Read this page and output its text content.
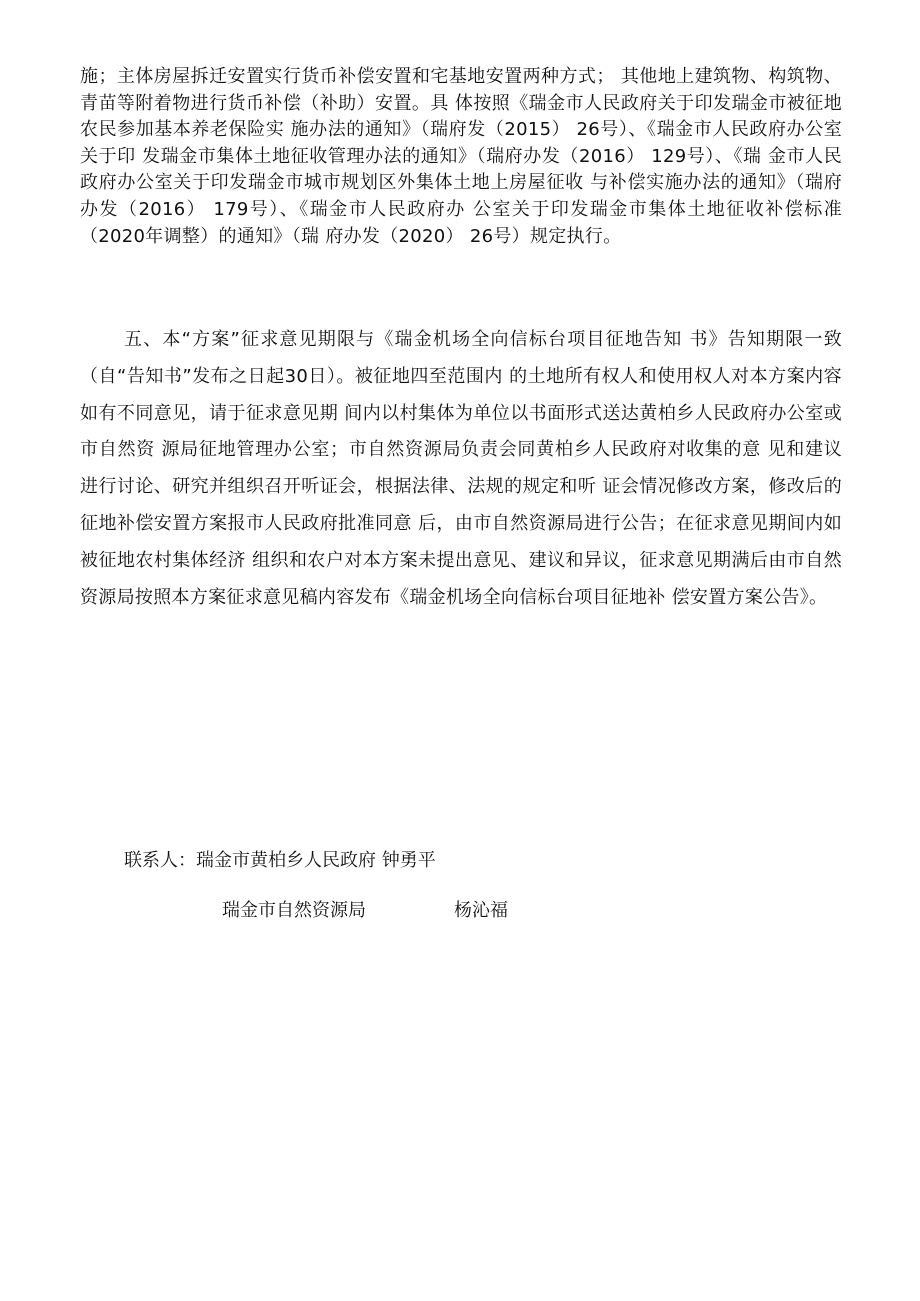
施；主体房屋拆迁安置实行货币补偿安置和宅基地安置两种方式； 其他地上建筑物、构筑物、青苗等附着物进行货币补偿（补助）安置。具 体按照《瑞金市人民政府关于印发瑞金市被征地农民参加基本养老保险实 施办法的通知》（瑞府发（2015） 26号）、《瑞金市人民政府办公室关于印 发瑞金市集体土地征收管理办法的通知》（瑞府办发（2016） 129号）、《瑞 金市人民政府办公室关于印发瑞金市城市规划区外集体土地上房屋征收 与补偿实施办法的通知》（瑞府办发（2016） 179号）、《瑞金市人民政府办 公室关于印发瑞金市集体土地征收补偿标准（2020年调整）的通知》（瑞 府办发（2020） 26号）规定执行。

五、本“方案”征求意见期限与《瑞金机场全向信标台项目征地告知 书》告知期限一致（自“告知书”发布之日起30日）。被征地四至范围内 的土地所有权人和使用权人对本方案内容如有不同意见，请于征求意见期 间内以村集体为单位以书面形式送达黄柏乡人民政府办公室或市自然资 源局征地管理办公室；市自然资源局负责会同黄柏乡人民政府对收集的意 见和建议进行讨论、研究并组织召开听证会，根据法律、法规的规定和听 证会情况修改方案，修改后的征地补偿安置方案报市人民政府批准同意 后，由市自然资源局进行公告；在征求意见期间内如被征地农村集体经济 组织和农户对本方案未提出意见、建议和异议，征求意见期满后由市自然 资源局按照本方案征求意见稿内容发布《瑞金机场全向信标台项目征地补 偿安置方案公告》。

联系人：瑞金市黄柏乡人民政府 钟勇平

瑞金市自然资源局	杨沁福
